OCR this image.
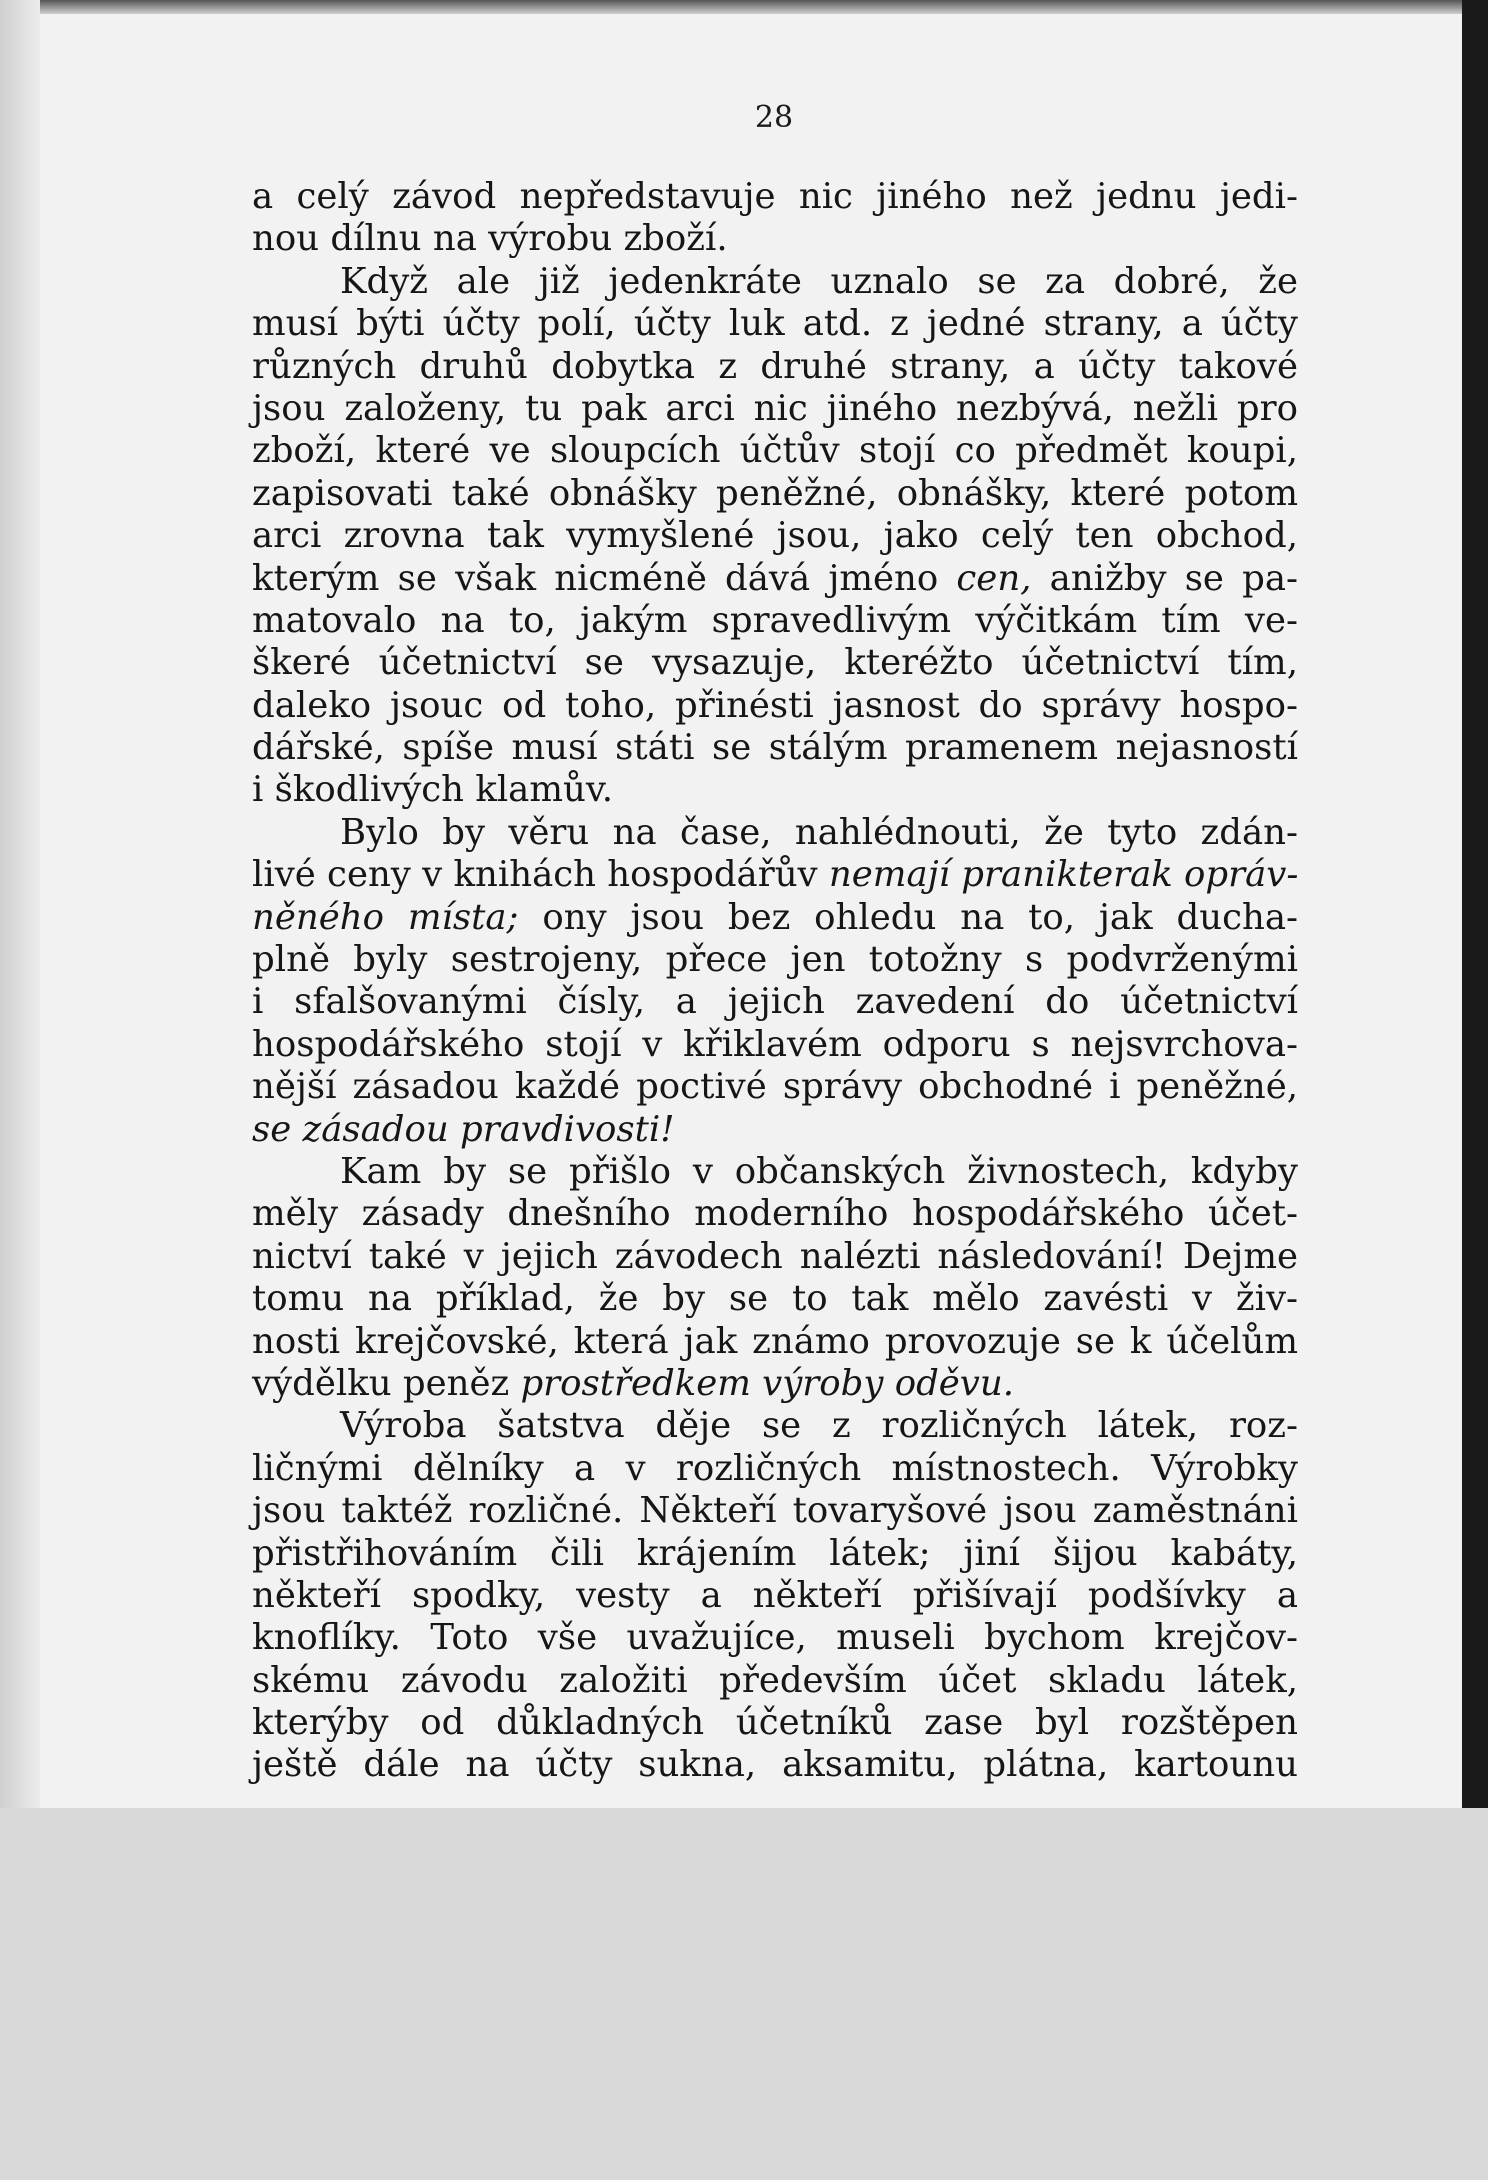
28
a celý závod nepředstavuje nic jiného než jednu jedi-
nou dílnu na výrobu zboží.
Když ale již jedenkráte uznalo se za dobré, že
musí býti účty polí, účty luk atd. z jedné strany, a účty
různých druhů dobytka z druhé strany, a účty takové
jsou založeny, tu pak arci nic jiného nezbývá, nežli pro
zboží, které ve sloupcích účtův stojí co předmět koupi,
zapisovati také obnášky peněžné, obnášky, které potom
arci zrovna tak vymyšlené jsou, jako celý ten obchod,
kterým se však nicméně dává jméno cen, anižby se pa-
matovalo na to, jakým spravedlivým výčitkám tím ve-
škeré účetnictví se vysazuje, kteréžto účetnictví tím,
daleko jsouc od toho, přinésti jasnost do správy hospo-
dářské, spíše musí státi se stálým pramenem nejasností
i škodlivých klamův.
Bylo by věru na čase, nahlédnouti, že tyto zdán-
livé ceny v knihách hospodářův nemají pranikterak opráv-
něného místa; ony jsou bez ohledu na to, jak ducha-
plně byly sestrojeny, přece jen totožny s podvrženými
i sfalšovanými čísly, a jejich zavedení do účetnictví
hospodářského stojí v křiklavém odporu s nejsvrchova-
nější zásadou každé poctivé správy obchodné i peněžné,
se zásadou pravdivosti!
Kam by se přišlo v občanských živnostech, kdyby
měly zásady dnešního moderního hospodářského účet-
nictví také v jejich závodech nalézti následování! Dejme
tomu na příklad, že by se to tak mělo zavésti v živ-
nosti krejčovské, která jak známo provozuje se k účelům
výdělku peněz prostředkem výroby oděvu.
Výroba šatstva děje se z rozličných látek, roz-
ličnými dělníky a v rozličných místnostech. Výrobky
jsou taktéž rozličné. Někteří tovaryšové jsou zaměstnáni
přistřihováním čili krájením látek; jiní šijou kabáty,
někteří spodky, vesty a někteří přišívají podšívky a
knoflíky. Toto vše uvažujíce, museli bychom krejčov-
skému závodu založiti především účet skladu látek,
kterýby od důkladných účetníků zase byl rozštěpen
ještě dále na účty sukna, aksamitu, plátna, kartounu
